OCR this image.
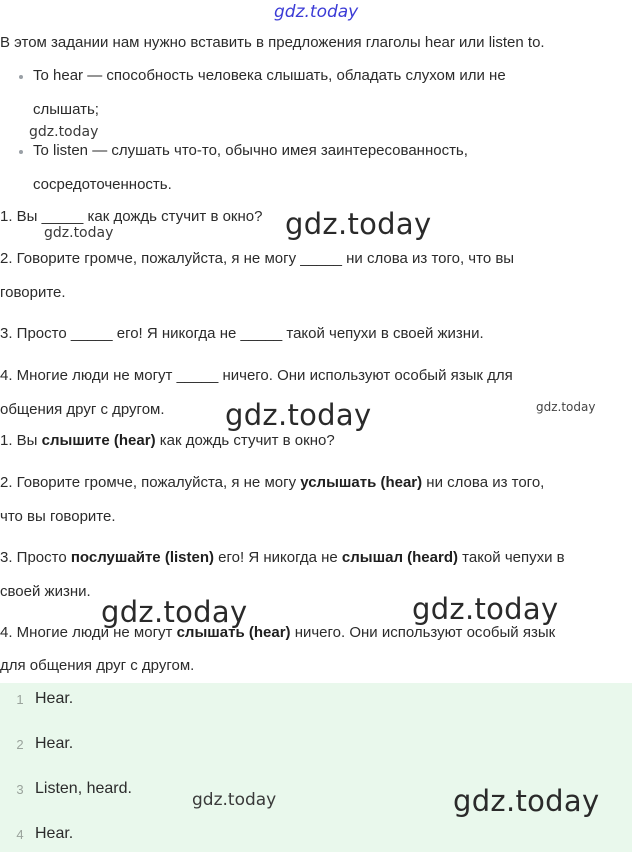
gdz.today
В этом задании нам нужно вставить в предложения глаголы hear или listen to.
To hear — способность человека слышать, обладать слухом или не
слышать;
To listen — слушать что-то, обычно имея заинтересованность,
сосредоточенность.
1. Вы _____ как дождь стучит в окно?
2. Говорите громче, пожалуйста, я не могу _____ ни слова из того, что вы
говорите.
3. Просто _____ его! Я никогда не _____ такой чепухи в своей жизни.
4. Многие люди не могут _____ ничего. Они используют особый язык для
общения друг с другом.
1. Вы слышите (hear) как дождь стучит в окно?
2. Говорите громче, пожалуйста, я не могу услышать (hear) ни слова из того,
что вы говорите.
3. Просто послушайте (listen) его! Я никогда не слышал (heard) такой чепухи в
своей жизни.
4. Многие люди не могут слышать (hear) ничего. Они используют особый язык
для общения друг с другом.
1 Hear.
2 Hear.
3 Listen, heard.
4 Hear.
gdz.today
gdz.today	gdz.today
gdz.today	gdz.today
gdz.today	gdz.today
gdz.today	gdz.today
